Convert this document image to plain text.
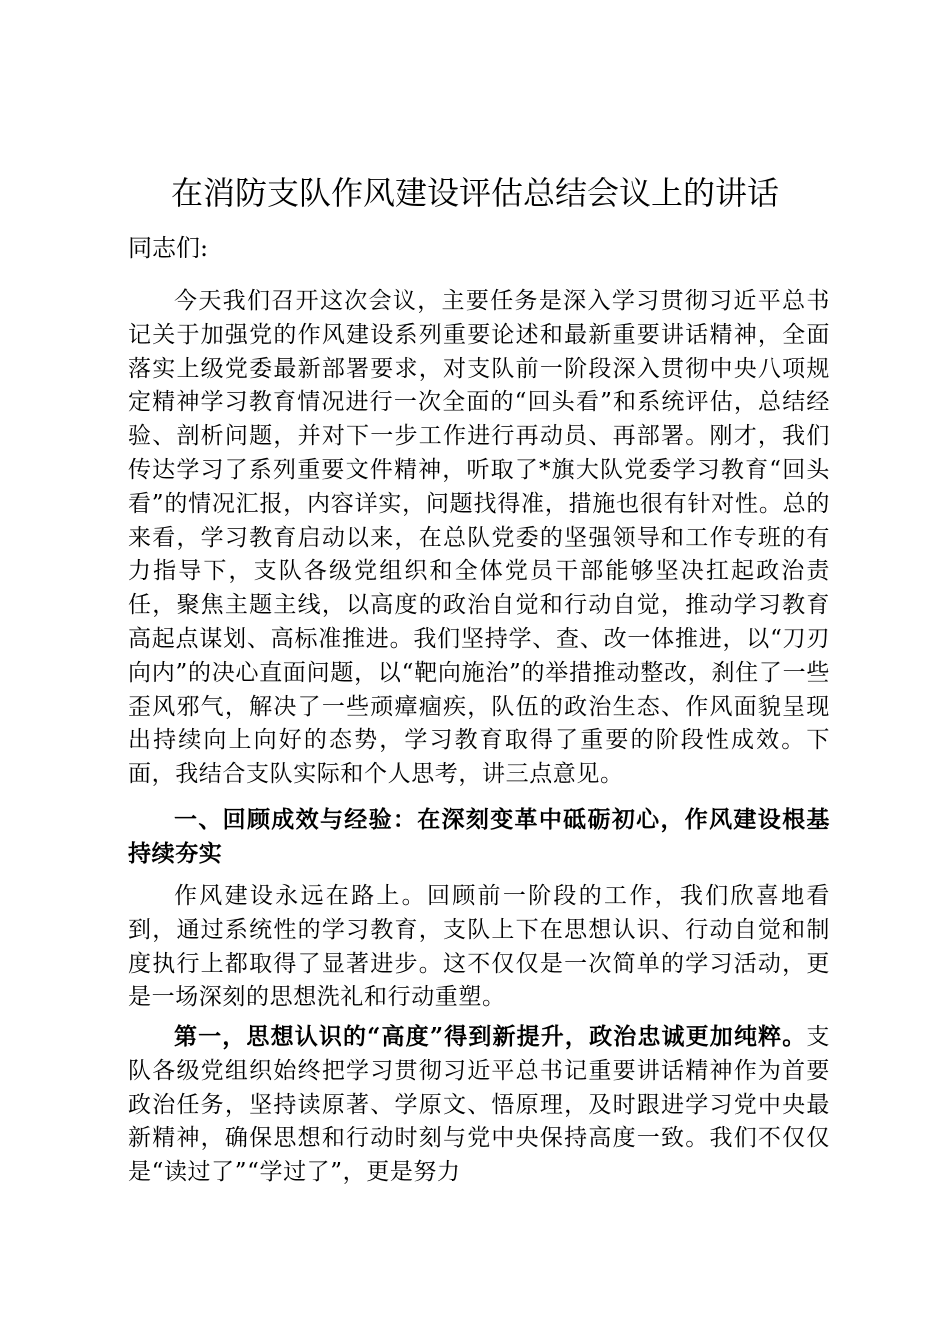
在消防支队作风建设评估总结会议上的讲话

同志们:

今天我们召开这次会议，主要任务是深入学习贯彻习近平总书记关于加强党的作风建设系列重要论述和最新重要讲话精神，全面落实上级党委最新部署要求，对支队前一阶段深入贯彻中央八项规定精神学习教育情况进行一次全面的“回头看”和系统评估，总结经验、剖析问题，并对下一步工作进行再动员、再部署。刚才，我们传达学习了系列重要文件精神，听取了*旗大队党委学习教育“回头看”的情况汇报，内容详实，问题找得准，措施也很有针对性。总的来看，学习教育启动以来，在总队党委的坚强领导和工作专班的有力指导下，支队各级党组织和全体党员干部能够坚决扛起政治责任，聚焦主题主线，以高度的政治自觉和行动自觉，推动学习教育高起点谋划、高标准推进。我们坚持学、查、改一体推进，以“刀刃向内”的决心直面问题，以“靶向施治”的举措推动整改，刹住了一些歪风邪气，解决了一些顽瘴痼疾，队伍的政治生态、作风面貌呈现出持续向上向好的态势，学习教育取得了重要的阶段性成效。下面，我结合支队实际和个人思考，讲三点意见。

一、回顾成效与经验：在深刻变革中砥砺初心，作风建设根基持续夯实

作风建设永远在路上。回顾前一阶段的工作，我们欣喜地看到，通过系统性的学习教育，支队上下在思想认识、行动自觉和制度执行上都取得了显著进步。这不仅仅是一次简单的学习活动，更是一场深刻的思想洗礼和行动重塑。

第一，思想认识的“高度”得到新提升，政治忠诚更加纯粹。支队各级党组织始终把学习贯彻习近平总书记重要讲话精神作为首要政治任务，坚持读原著、学原文、悟原理，及时跟进学习党中央最新精神，确保思想和行动时刻与党中央保持高度一致。我们不仅仅是“读过了”“学过了”，更是努力
